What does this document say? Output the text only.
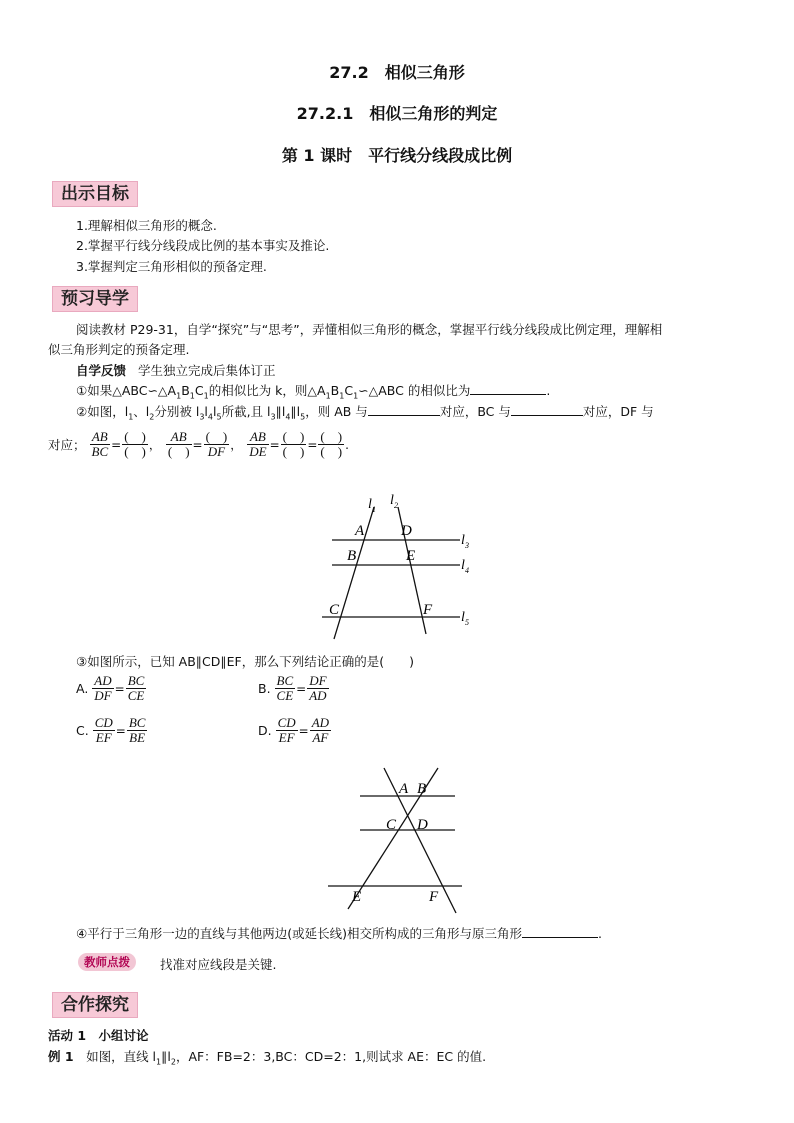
27.2　相似三角形
27.2.1　相似三角形的判定
第 1 课时　平行线分线段成比例
出示目标
1.理解相似三角形的概念.
2.掌握平行线分线段成比例的基本事实及推论.
3.掌握判定三角形相似的预备定理.
预习导学
阅读教材 P29-31，自学“探究”与“思考”，弄懂相似三角形的概念，掌握平行线分线段成比例定理，理解相
似三角形判定的预备定理.
自学反馈 学生独立完成后集体订正
①如果$\triangle ABC∽\triangle A_1B_1C_1$的相似比为 k，则$\triangle A_1B_1C_1∽\triangle ABC$ 的相似比为	.
②如图，$l_1$、$l_2$分别被 $l_3l_4l_5$所截,且 $l_3\parallel l_4\parallel l_5$，则 AB 与	对应，BC 与	对应，DF 与
对应； $\frac{AB}{BC} = \frac{( )}{( )}$ ， $\frac{AB}{( )} = \frac{( )}{DF}$ ， $\frac{AB}{DE} = \frac{( )}{( )} = \frac{( )}{( )}$ .
l 1
l 2
A D
B	E
C	F
l 3
l 4
l 5
③如图所示，已知 AB∥CD∥EF，那么下列结论正确的是(　　)
A. $\frac{AD}{DF} = \frac{BC}{CE}$	B. $\frac{BC}{CE} = \frac{DF}{AD}$
C. $\frac{CD}{EF} = \frac{BC}{BE}$	D. $\frac{CD}{EF} = \frac{AD}{AF}$
A B
C D
E	F
④平行于三角形一边的直线与其他两边(或延长线)相交所构成的三角形与原三角形	.
教师点拨	找准对应线段是关键.
合作探究
活动 1　小组讨论
例 1　如图，直线 $l_1\parallel l_2$，AF：FB=2：3,BC：CD=2：1,则试求 AE：EC 的值.
